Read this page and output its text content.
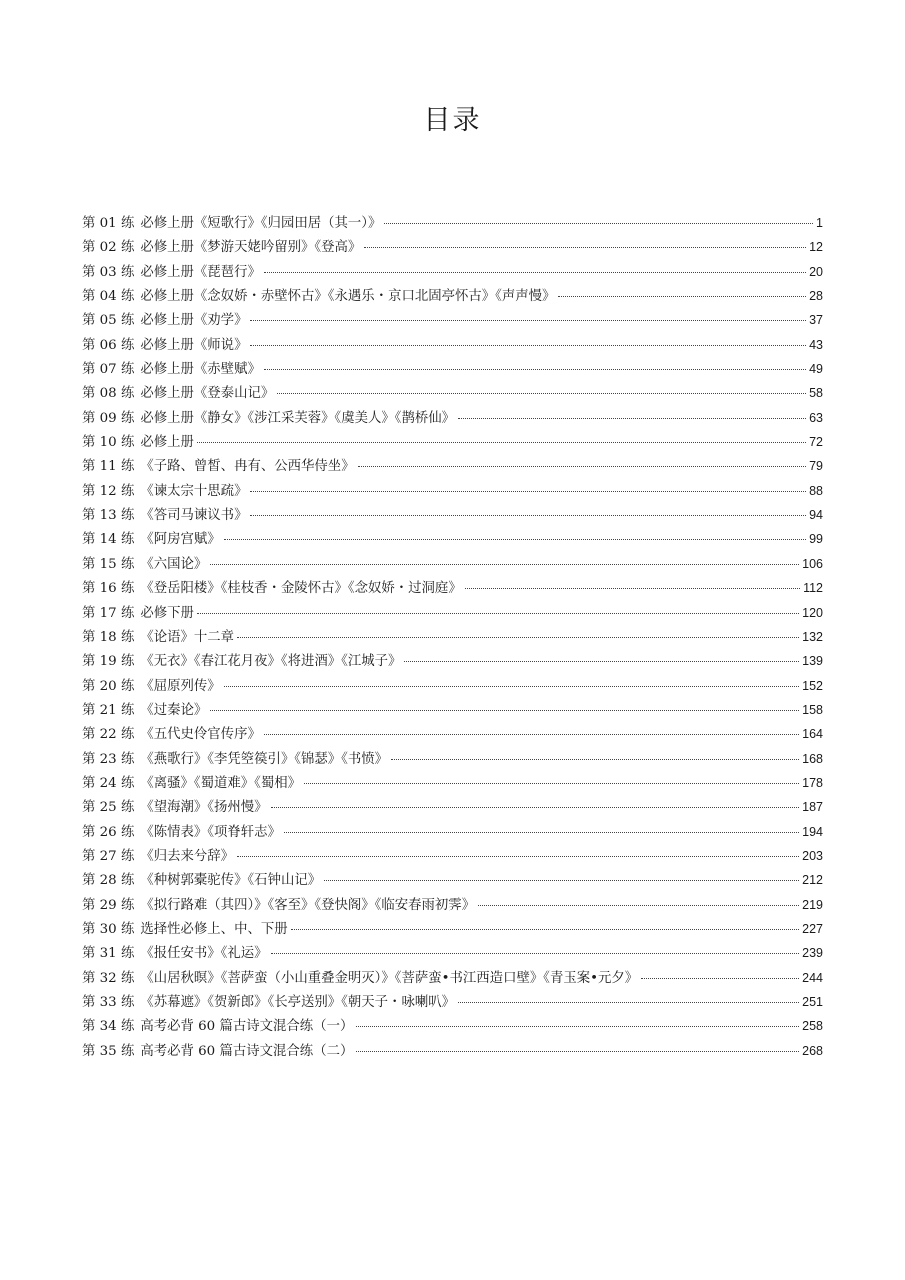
目录
第 01 练 必修上册《短歌行》《归园田居（其一）》	1
第 02 练 必修上册《梦游天姥吟留别》《登高》	12
第 03 练 必修上册《琵琶行》	20
第 04 练 必修上册《念奴娇・赤壁怀古》《永遇乐・京口北固亭怀古》《声声慢》	28
第 05 练 必修上册《劝学》	37
第 06 练 必修上册《师说》	43
第 07 练 必修上册《赤壁赋》	49
第 08 练 必修上册《登泰山记》	58
第 09 练 必修上册《静女》《涉江采芙蓉》《虞美人》《鹊桥仙》	63
第 10 练 必修上册	72
第 11 练 《子路、曾皙、冉有、公西华侍坐》	79
第 12 练 《谏太宗十思疏》	88
第 13 练 《答司马谏议书》	94
第 14 练 《阿房宫赋》	99
第 15 练 《六国论》	106
第 16 练 《登岳阳楼》《桂枝香・金陵怀古》《念奴娇・过洞庭》	112
第 17 练 必修下册	120
第 18 练 《论语》十二章	132
第 19 练 《无衣》《春江花月夜》《将进酒》《江城子》	139
第 20 练 《屈原列传》	152
第 21 练 《过秦论》	158
第 22 练 《五代史伶官传序》	164
第 23 练 《燕歌行》《李凭箜篌引》《锦瑟》《书愤》	168
第 24 练 《离骚》《蜀道难》《蜀相》	178
第 25 练 《望海潮》《扬州慢》	187
第 26 练 《陈情表》《项脊轩志》	194
第 27 练 《归去来兮辞》	203
第 28 练 《种树郭橐驼传》《石钟山记》	212
第 29 练 《拟行路难（其四）》《客至》《登快阁》《临安春雨初霁》	219
第 30 练 选择性必修上、中、下册	227
第 31 练 《报任安书》《礼运》	239
第 32 练 《山居秋暝》《菩萨蛮（小山重叠金明灭）》《菩萨蛮•书江西造口壁》《青玉案•元夕》	244
第 33 练 《苏幕遮》《贺新郎》《长亭送别》《朝天子・咏喇叭》	251
第 34 练 高考必背 60 篇古诗文混合练（一）	258
第 35 练 高考必背 60 篇古诗文混合练（二）	268
